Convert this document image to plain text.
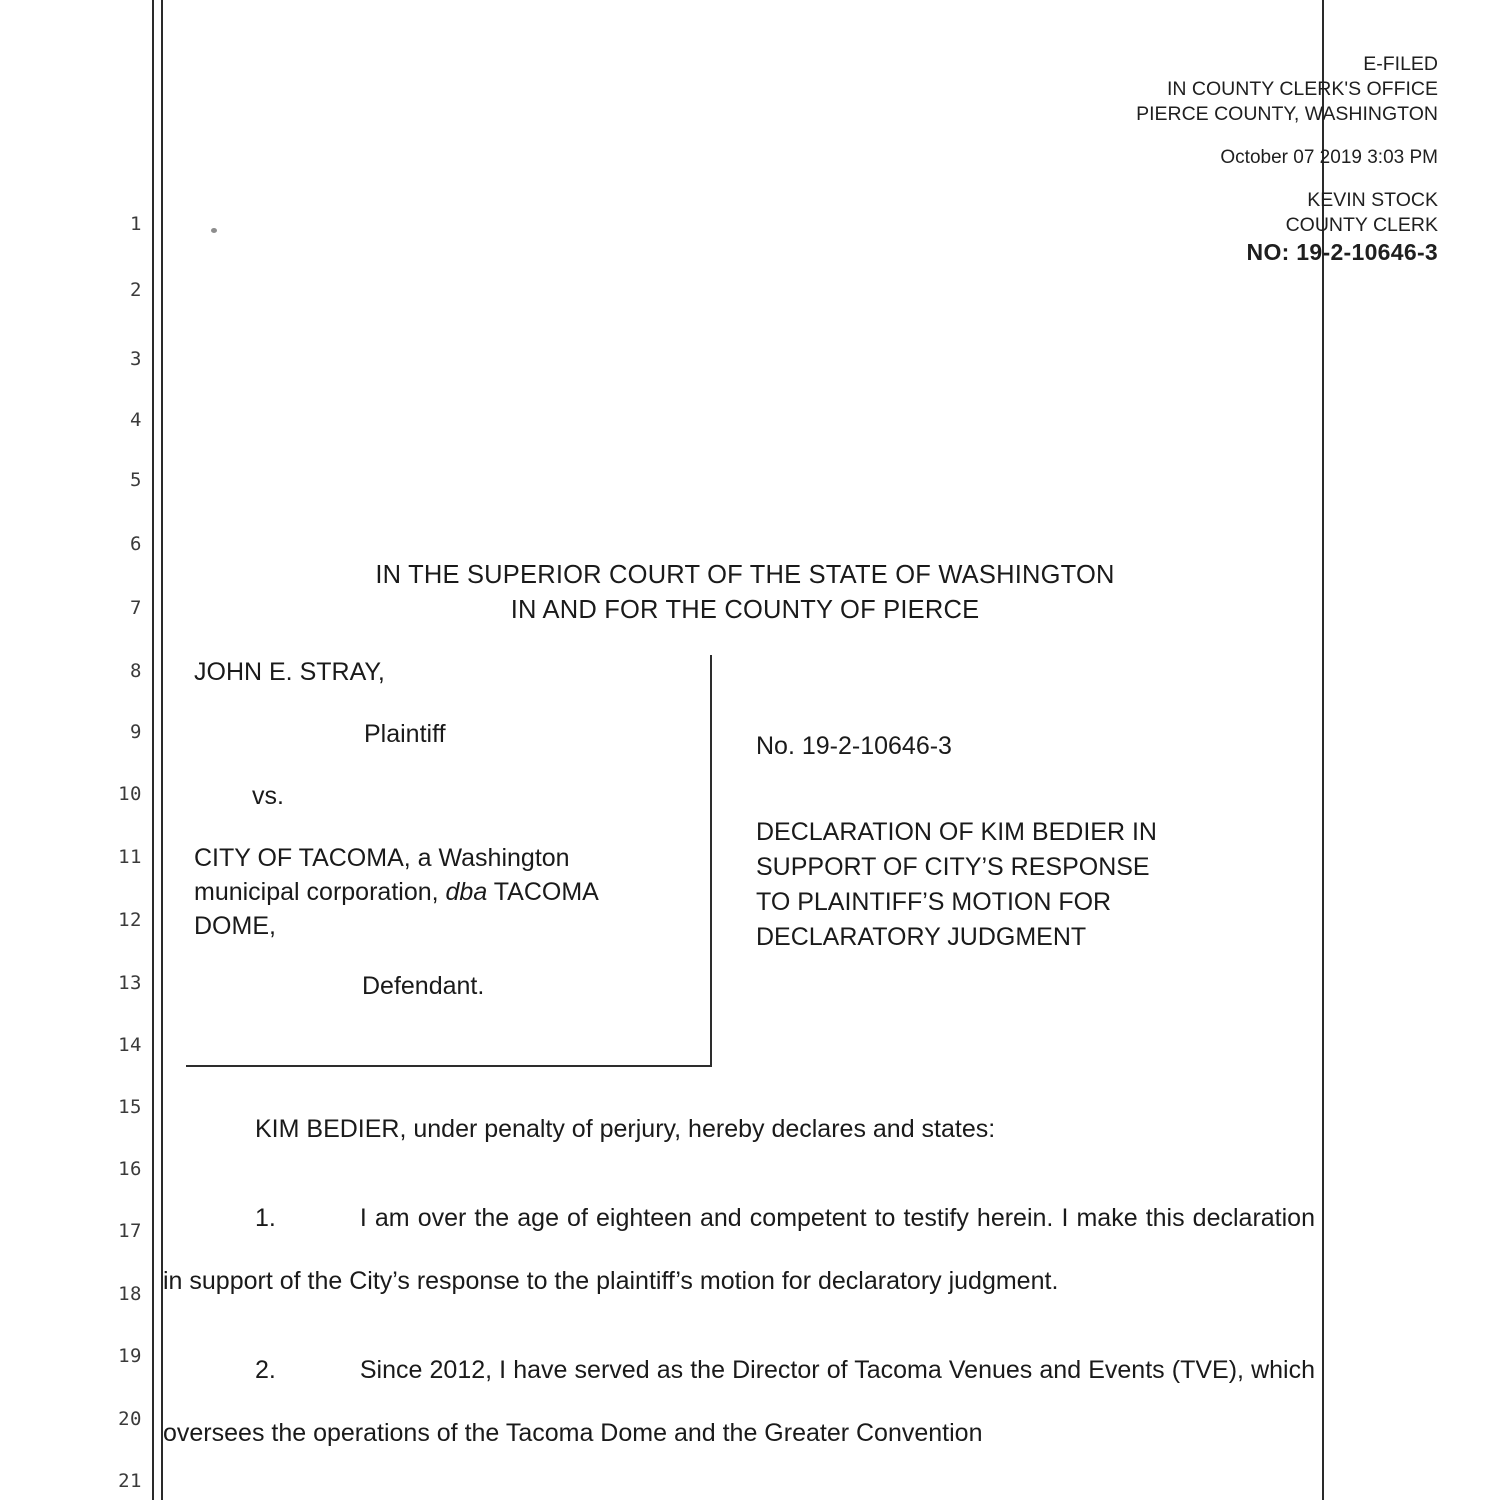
1
2
3
4
5
6
7
8
9
10
11
12
13
14
15
16
17
18
19
20
21
E-FILED
IN COUNTY CLERK'S OFFICE
PIERCE COUNTY, WASHINGTON
October 07 2019 3:03 PM
KEVIN STOCK
COUNTY CLERK
NO: 19-2-10646-3
IN THE SUPERIOR COURT OF THE STATE OF WASHINGTON
IN AND FOR THE COUNTY OF PIERCE

JOHN E. STRAY,

Plaintiff

vs.

CITY OF TACOMA, a Washington
municipal corporation, dba TACOMA
DOME,

Defendant.

No. 19-2-10646-3

DECLARATION OF KIM BEDIER IN
SUPPORT OF CITY’S RESPONSE
TO PLAINTIFF’S MOTION FOR
DECLARATORY JUDGMENT

KIM BEDIER, under penalty of perjury, hereby declares and states:

1.	I am over the age of eighteen and competent to testify herein. I make this declaration in support of the City’s response to the plaintiff’s motion for declaratory judgment.

2.	Since 2012, I have served as the Director of Tacoma Venues and Events (TVE), which oversees the operations of the Tacoma Dome and the Greater Convention
